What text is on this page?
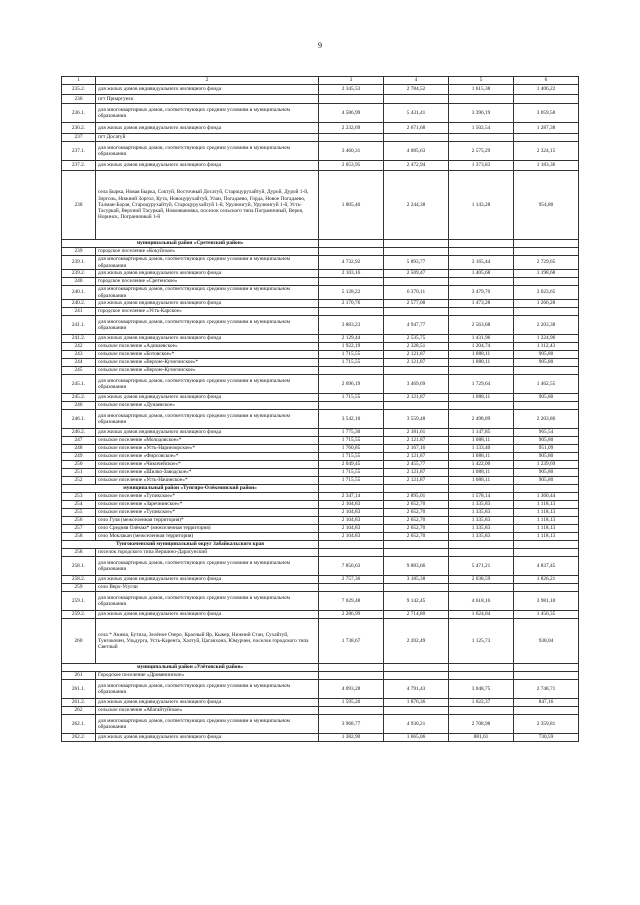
9
1	2	3	4	5	6
235.2.	для жилых домов индивидуального жилищного фонда	2 345,53	2 784,52	1 615,38	1 406,22
236	пгт Приаргунск				
236.1.	для многоквартирных домов, соответствующих средним условиям в муниципальном образовании	4 586,99	5 431,41	3 396,19	3 059,58
236.2.	для жилых домов индивидуального жилищного фонда	2 232,69	2 671,68	1 502,54	1 287,38
237	пгт Досатуй				
237.1.	для многоквартирных домов, соответствующих средним условиям в муниципальном образовании	3 460,31	4 085,63	2 575,29	2 324,15
237.2.	для жилых домов индивидуального жилищного фонда	2 053,95	2 472,94	1 373,83	1 183,36
238	села Бырка, Новая Бырка, Соктуй, Восточный Досатуй, Староцурухайтуй, Дурой, Дурой 1-й, Зорголь, Нижний Зоргол, Кута, Новоцурухайтуй, Улан, Погадаево, Горда, Новое Погадаево, Талман-Борзя, Староцурухайтуй, Староцурухайтуй 1-й, Урулюнгуй, Урулюнгуй 1-й, Усть-Тасуркай, Верхний Тасуркай, Новоивановка, поселок сельского типа Пограничный, Верея, Норинск, Пограничный 1-й	1 805,40	2 244,38	1 143,28	954,80
муниципальный район «Сретенский район»					
239	городское поселение «Кокуйское»				
239.1.	для многоквартирных домов, соответствующих средним условиям в муниципальном образовании	4 732,92	5 893,77	3 165,44	2 729,65
239.2.	для жилых домов индивидуального жилищного фонда	2 103,16	2 509,47	1 405,68	1 198,68
240	городское поселение «Сретенское»				
240.1.	для многоквартирных домов, соответствующих средним условиям в муниципальном образовании	5 128,22	6 370,11	3 479,70	3 023,65
240.2.	для жилых домов индивидуального жилищного фонда	2 170,76	2 577,08	1 473,28	1 266,28
241	городское поселение «Усть-Карское»				
241.1.	для многоквартирных домов, соответствующих средним условиям в муниципальном образовании	3 883,23	4 947,77	2 563,68	2 203,38
241.2.	для жилых домов индивидуального жилищного фонда	2 129,44	2 535,75	1 431,96	1 224,96
242	сельское поселение «Адикаевское»	1 922,19	2 328,51	1 204,74	1 112,43
243	сельское поселение «Ботовское»*	1 715,55	2 121,87	1 088,11	905,80
244	сельское поселение «Верхне-Куэнгинское»*	1 715,55	2 121,87	1 088,11	905,80
245	сельское поселение «Верхне-Куэнгинское»				
245.1.	для многоквартирных домов, соответствующих средним условиям в муниципальном образовании	2 696,19	3 469,69	1 729,64	1 462,55
245.2.	для жилых домов индивидуального жилищного фонда	1 715,55	2 121,87	1 088,11	905,80
246	сельское поселение «Дунаевское»				
246.1.	для многоквартирных домов, соответствующих средним условиям в муниципальном образовании	3 542,10	3 559,48	2 498,89	2 203,86
246.2.	для жилых домов индивидуального жилищного фонда	1 775,30	2 181,61	1 147,85	965,54
247	сельское поселение «Молодовское»*	1 715,55	2 121,87	1 088,11	905,80
248	сельское поселение «Усть-Наринзорское»*	1 760,85	2 167,16	1 133,40	951,09
249	сельское поселение «Фирсовское»*	1 715,55	2 121,87	1 088,11	905,80
250	сельское поселение «Чикичейское»*	2 049,45	2 455,77	1 422,00	1 239,69
251	сельское поселение «Шилко-Заводское»*	1 715,55	2 121,87	1 088,11	905,80
252	сельское поселение «Усть-Начинское»*	1 715,55	2 121,87	1 088,11	905,80
муниципальный район «Тунгиро-Олёкминский район»					
253	сельское поселение «Тупикское»*	2 347,14	2 895,01	1 578,14	1 360,44
254	сельское поселение «Заречнинское»*	2 104,83	2 652,70	1 335,83	1 118,13
255	сельское поселение «Тупикское»*	2 104,83	2 652,70	1 335,83	1 118,13
256	село Гуля (межселенная территория)*	2 104,83	2 652,70	1 335,83	1 118,13
257	село Средняя Олёкма* (межселенная территория)	2 104,83	2 652,70	1 335,83	1 118,13
258	село Моклакан (межселенная территория)	2 104,83	2 652,70	1 335,83	1 118,13
Тунгокоченский муниципальный округ Забайкальского края					
258	поселок городского типа Вершино-Дарасунский				
258.1.	для многоквартирных домов, соответствующих средним условиям в муниципальном образовании	7 850,63	9 883,66	5 471,21	4 837,45
258.2.	для жилых домов индивидуального жилищного фонда	2 757,36	3 185,38	2 038,59	1 826,21
259	село Верх-Усугли				
259.1.	для многоквартирных домов, соответствующих средним условиям в муниципальном образовании	7 029,48	9 142,45	4 618,16	3 981,10
259.2.	для жилых домов индивидуального жилищного фонда	2 286,99	2 714,80	1 624,04	1 456,35
260	села * Акима, Бутиха, Зелёное Озеро, Красный Яр, Кыкер, Нижний Стан, Сухайтуй, Тунгокочен, Ульдурга, Усть-Каренга, Халтуй, Цаганхона, Юмурчен, поселок городского типа Светлый	1 738,67	2 202,49	1 125,73	938,04
муниципальный район «Улётовский район»					
261	Городское поселение «Дровянинское»				
261.1.	для многоквартирных домов, соответствующих средним условиям в муниципальном образовании	4 093,28	4 791,43	3 048,75	2 748,71
261.2.	для жилых домов индивидуального жилищного фонда	1 595,20	1 876,36	1 022,37	847,16
262	сельское поселение «Абагайтуйское»				
262.1.	для многоквартирных домов, соответствующих средним условиям в муниципальном образовании	3 968,77	4 930,21	2 708,98	2 359,81
262.2.	для жилых домов индивидуального жилищного фонда	1 382,90	1 665,06	881,61	730,59
